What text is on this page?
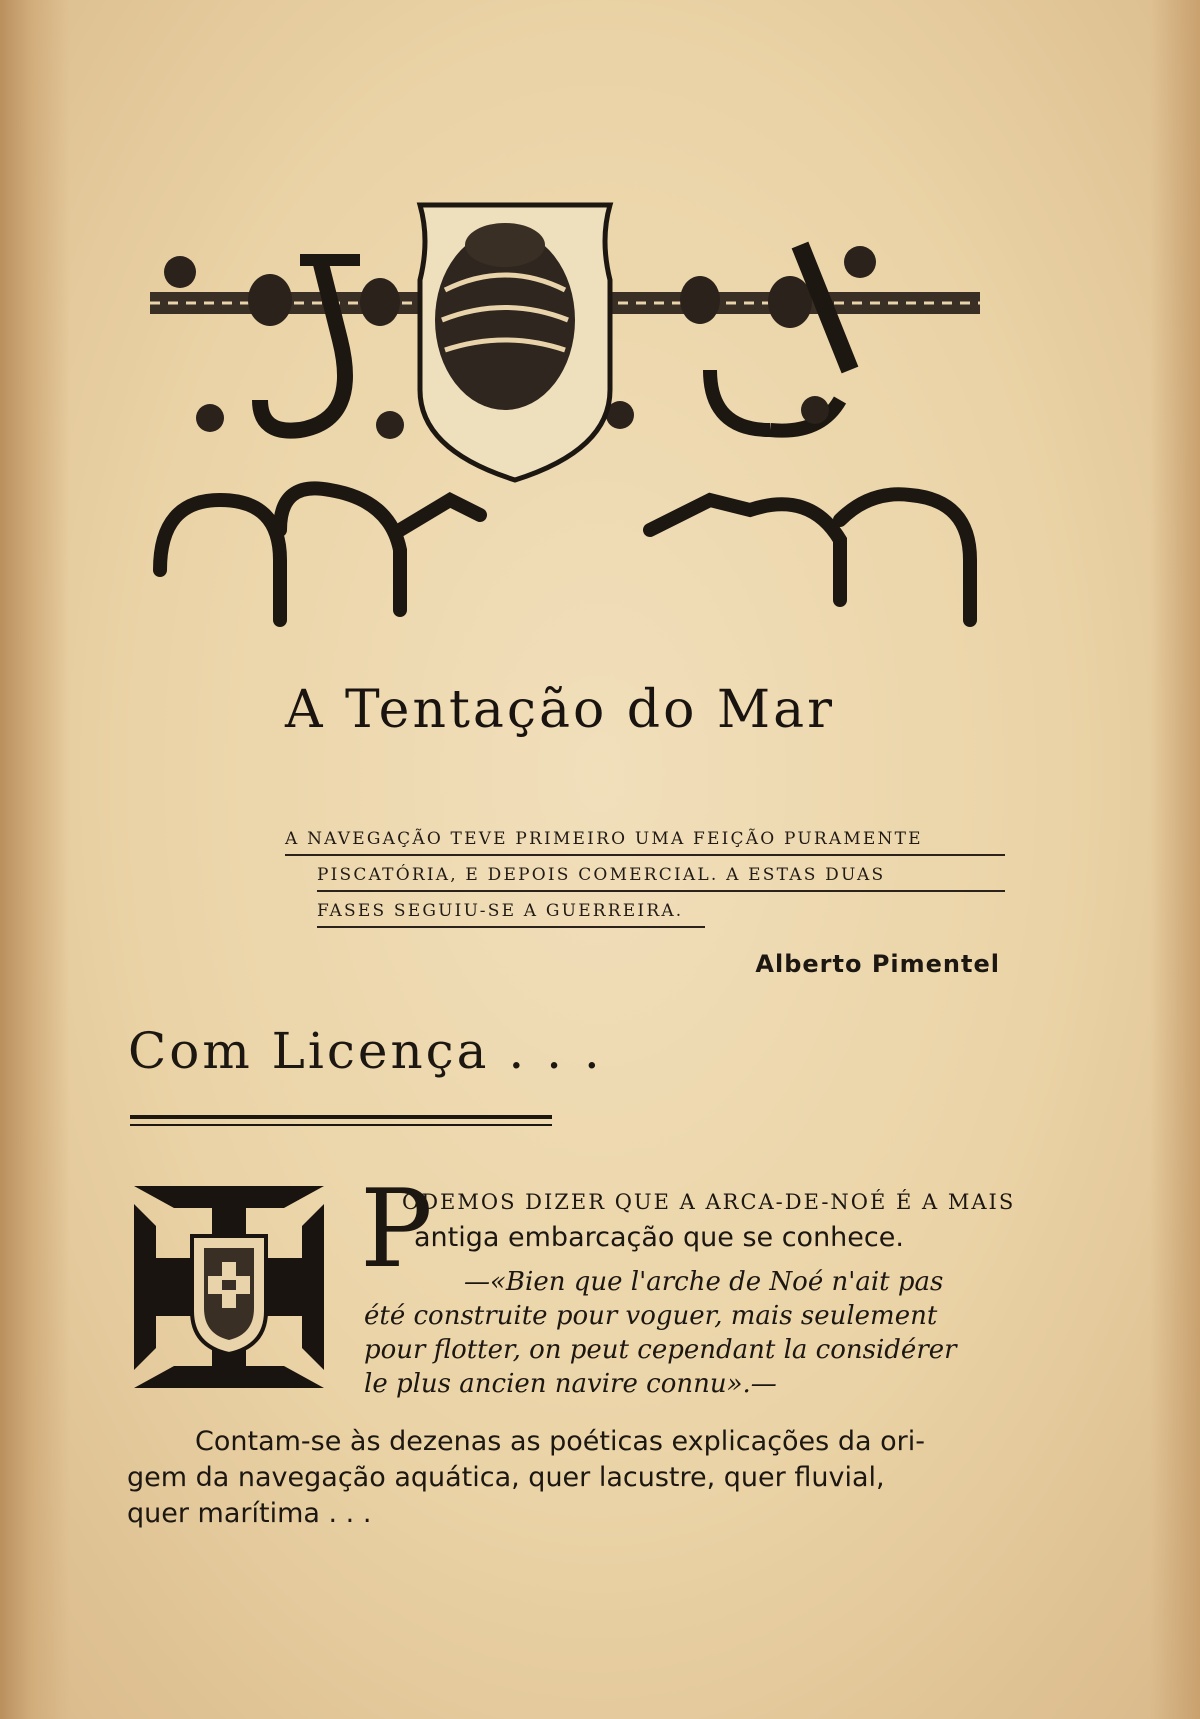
A Tentação do Mar
A NAVEGAÇÃO TEVE PRIMEIRO UMA FEIÇÃO PURAMENTE
PISCATÓRIA, E DEPOIS COMERCIAL. A ESTAS DUAS
FASES SEGUIU-SE A GUERREIRA.
Alberto Pimentel
Com Licença . . .
P
ODEMOS DIZER QUE A ARCA-DE-NOÉ É A MAIS
antiga embarcação que se conhece.
—«Bien que l'arche de Noé n'ait pas
été construite pour voguer, mais seulement
pour flotter, on peut cependant la considérer
le plus ancien navire connu».—
Contam-se às dezenas as poéticas explicações da ori-
gem da navegação aquática, quer lacustre, quer fluvial,
quer marítima . . .
